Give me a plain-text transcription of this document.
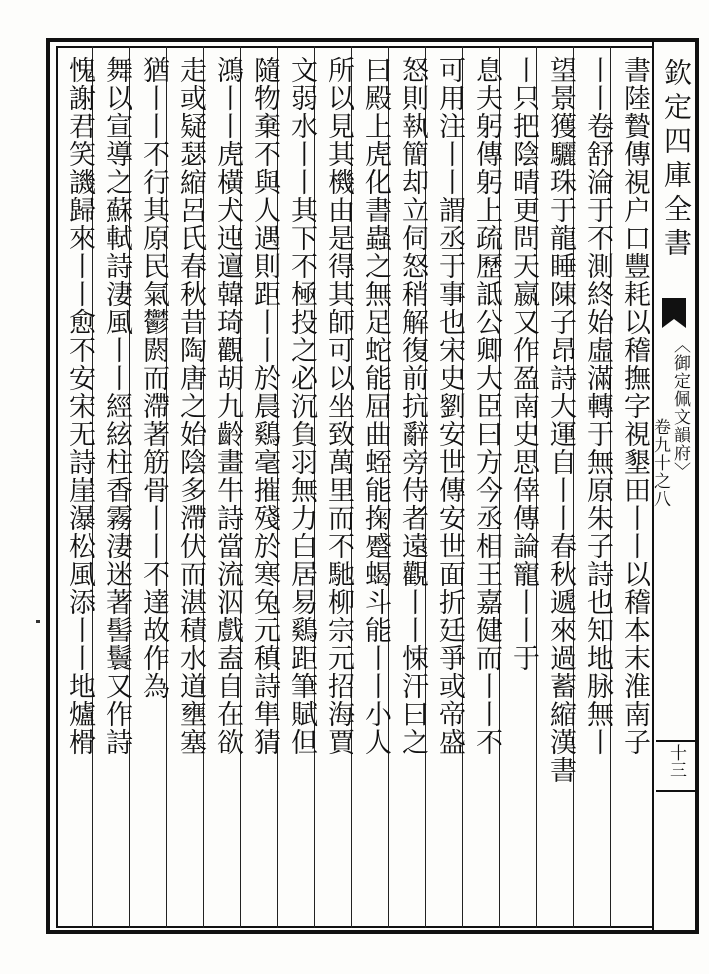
書陸贄傳視户口豐耗以稽撫字視墾田丨丨以稽本末淮南子
丨丨卷舒淪于不測終始虛滿轉于無原朱子詩也知地脉無丨
望景獲驪珠于龍睡陳子昂詩大運自丨丨春秋遞來過蓄縮漢書
丨只把陰晴更問天嬴又作盈南史思倖傳論寵丨丨于
息夫躬傳躬上疏歷詆公卿大臣曰方今丞相王嘉健而丨丨不
可用注丨丨謂丞于事也宋史劉安世傳安世面折廷爭或帝盛
怒則執簡却立伺怒稍解復前抗辭旁侍者遠觀丨丨悚汗曰之
曰殿上虎化書蟲之無足蛇能屈曲蛭能掬蹙蝎斗能丨丨小人
所以見其機由是得其師可以坐致萬里而不馳柳宗元招海賈
文弱水丨丨其下不極投之必沉負羽無力白居易鷄距筆賦但
隨物棄不與人遇則距丨丨於晨鷄毫摧殘於寒兔元稹詩隼猜
鴻丨丨虎橫犬迍邅韓琦觀胡九齡畫牛詩當流泅戲盍自在欲
走或疑瑟縮呂氏春秋昔陶唐之始陰多滯伏而湛積水道壅塞
猶丨丨不行其原民氣鬱閼而滯著筋骨丨丨不達故作為
舞以宣導之蘇軾詩淒風丨丨經絃柱香霧淒迷著髻鬟又作詩
愧謝君笑譏歸來丨丨愈不安宋无詩崖瀑松風添丨丨地爐榾	欽定四庫全書
〈御定佩文韻府〉
卷九十之八
十三
